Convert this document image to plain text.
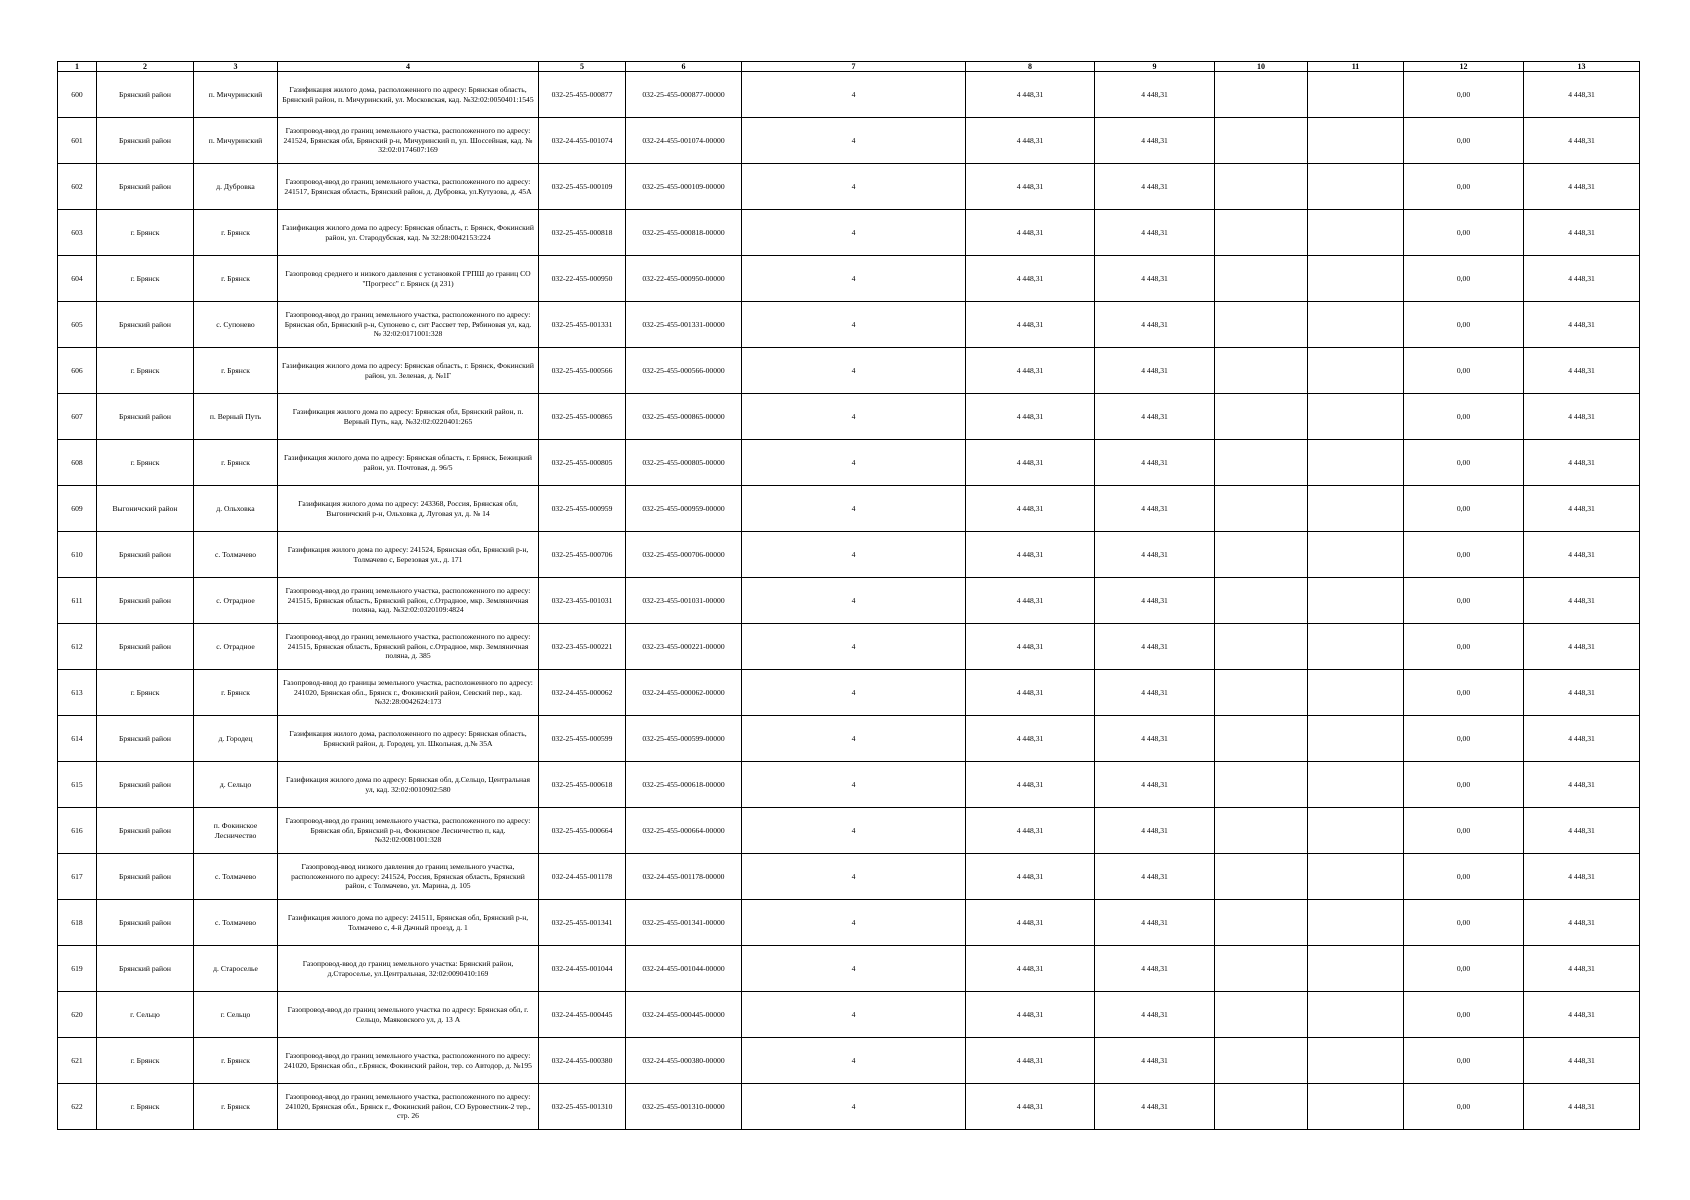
1	2	3	4	5	6	7	8	9	10	11	12	13
600	Брянский район	п. Мичуринский	Газификация жилого дома, расположенного по адресу: Брянская область, Брянский район, п. Мичуринский, ул. Московская, кад. №32:02:0050401:1545	032-25-455-000877	032-25-455-000877-00000	4	4 448,31	4 448,31			0,00	4 448,31
601	Брянский район	п. Мичуринский	Газопровод-ввод до границ земельного участка, расположенного по адресу: 241524, Брянская обл, Брянский р-н, Мичуринский п, ул. Шоссейная, кад. № 32:02:0174607:169	032-24-455-001074	032-24-455-001074-00000	4	4 448,31	4 448,31			0,00	4 448,31
602	Брянский район	д. Дубровка	Газопровод-ввод до границ земельного участка, расположенного по адресу: 241517, Брянская область, Брянский район, д. Дубровка, ул.Кутузова, д. 45А	032-25-455-000109	032-25-455-000109-00000	4	4 448,31	4 448,31			0,00	4 448,31
603	г. Брянск	г. Брянск	Газификация жилого дома по адресу: Брянская область, г. Брянск, Фокинский район, ул. Стародубская, кад. № 32:28:0042153:224	032-25-455-000818	032-25-455-000818-00000	4	4 448,31	4 448,31			0,00	4 448,31
604	г. Брянск	г. Брянск	Газопровод среднего и низкого давления с установкой ГРПШ до границ СО "Прогресс" г. Брянск (д 231)	032-22-455-000950	032-22-455-000950-00000	4	4 448,31	4 448,31			0,00	4 448,31
605	Брянский район	с. Супонево	Газопровод-ввод до границ земельного участка, расположенного по адресу: Брянская обл, Брянский р-н, Супонево с, снт Рассвет тер, Рябиновая ул, кад. № 32:02:0171001:328	032-25-455-001331	032-25-455-001331-00000	4	4 448,31	4 448,31			0,00	4 448,31
606	г. Брянск	г. Брянск	Газификация жилого дома по адресу: Брянская область, г. Брянск, Фокинский район, ул. Зеленая, д. №1Г	032-25-455-000566	032-25-455-000566-00000	4	4 448,31	4 448,31			0,00	4 448,31
607	Брянский район	п. Верный Путь	Газификация жилого дома по адресу: Брянская обл, Брянский район, п. Верный Путь, кад. №32:02:0220401:265	032-25-455-000865	032-25-455-000865-00000	4	4 448,31	4 448,31			0,00	4 448,31
608	г. Брянск	г. Брянск	Газификация жилого дома по адресу: Брянская область, г. Брянск, Бежицкий район, ул. Почтовая, д. 96/5	032-25-455-000805	032-25-455-000805-00000	4	4 448,31	4 448,31			0,00	4 448,31
609	Выгоничский район	д. Ольховка	Газификация жилого дома по адресу: 243368, Россия, Брянская обл, Выгоничский р-н, Ольховка д, Луговая ул, д. № 14	032-25-455-000959	032-25-455-000959-00000	4	4 448,31	4 448,31			0,00	4 448,31
610	Брянский район	с. Толмачево	Газификация жилого дома по адресу: 241524, Брянская обл, Брянский р-н, Толмачево с, Березовая ул., д. 171	032-25-455-000706	032-25-455-000706-00000	4	4 448,31	4 448,31			0,00	4 448,31
611	Брянский район	с. Отрадное	Газопровод-ввод до границ земельного участка, расположенного по адресу: 241515, Брянская область, Брянский район, с.Отрадное, мкр. Земляничная поляна, кад. №32:02:0320109:4824	032-23-455-001031	032-23-455-001031-00000	4	4 448,31	4 448,31			0,00	4 448,31
612	Брянский район	с. Отрадное	Газопровод-ввод до границ земельного участка, расположенного по адресу: 241515, Брянская область, Брянский район, с.Отрадное, мкр. Земляничная поляна, д. 385	032-23-455-000221	032-23-455-000221-00000	4	4 448,31	4 448,31			0,00	4 448,31
613	г. Брянск	г. Брянск	Газопровод-ввод до границы земельного участка, расположенного по адресу: 241020, Брянская обл., Брянск г., Фокинский район, Севский пер., кад. №32:28:0042624:173	032-24-455-000062	032-24-455-000062-00000	4	4 448,31	4 448,31			0,00	4 448,31
614	Брянский район	д. Городец	Газификация жилого дома, расположенного по адресу: Брянская область, Брянский район, д. Городец, ул. Школьная, д.№ 35А	032-25-455-000599	032-25-455-000599-00000	4	4 448,31	4 448,31			0,00	4 448,31
615	Брянский район	д. Сельцо	Газификация жилого дома по адресу: Брянская обл, д.Сельцо, Центральная ул, кад. 32:02:0010902:580	032-25-455-000618	032-25-455-000618-00000	4	4 448,31	4 448,31			0,00	4 448,31
616	Брянский район	п. Фокинское Лесничество	Газопровод-ввод до границ земельного участка, расположенного по адресу: Брянская обл, Брянский р-н, Фокинское Лесничество п, кад. №32:02:0081001:328	032-25-455-000664	032-25-455-000664-00000	4	4 448,31	4 448,31			0,00	4 448,31
617	Брянский район	с. Толмачево	Газопровод-ввод низкого давления до границ земельного участка, расположенного по адресу: 241524, Россия, Брянская область, Брянский район, с Толмачево, ул. Марина, д. 105	032-24-455-001178	032-24-455-001178-00000	4	4 448,31	4 448,31			0,00	4 448,31
618	Брянский район	с. Толмачево	Газификация жилого дома по адресу: 241511, Брянская обл, Брянский р-н, Толмачево с, 4-й Дачный проезд, д. 1	032-25-455-001341	032-25-455-001341-00000	4	4 448,31	4 448,31			0,00	4 448,31
619	Брянский район	д. Староселье	Газопровод-ввод до границ земельного участка: Брянский район, д.Староселье, ул.Центральная, 32:02:0090410:169	032-24-455-001044	032-24-455-001044-00000	4	4 448,31	4 448,31			0,00	4 448,31
620	г. Сельцо	г. Сельцо	Газопровод-ввод до границ земельного участка по адресу: Брянская обл, г. Сельцо, Маяковского ул, д. 13 А	032-24-455-000445	032-24-455-000445-00000	4	4 448,31	4 448,31			0,00	4 448,31
621	г. Брянск	г. Брянск	Газопровод-ввод до границ земельного участка, расположенного по адресу: 241020, Брянская обл., г.Брянск, Фокинский район, тер. со Автодор, д. №195	032-24-455-000380	032-24-455-000380-00000	4	4 448,31	4 448,31			0,00	4 448,31
622	г. Брянск	г. Брянск	Газопровод-ввод до границ земельного участка, расположенного по адресу: 241020, Брянская обл., Брянск г., Фокинский район, СО Буровестник-2 тер., стр. 26	032-25-455-001310	032-25-455-001310-00000	4	4 448,31	4 448,31			0,00	4 448,31
